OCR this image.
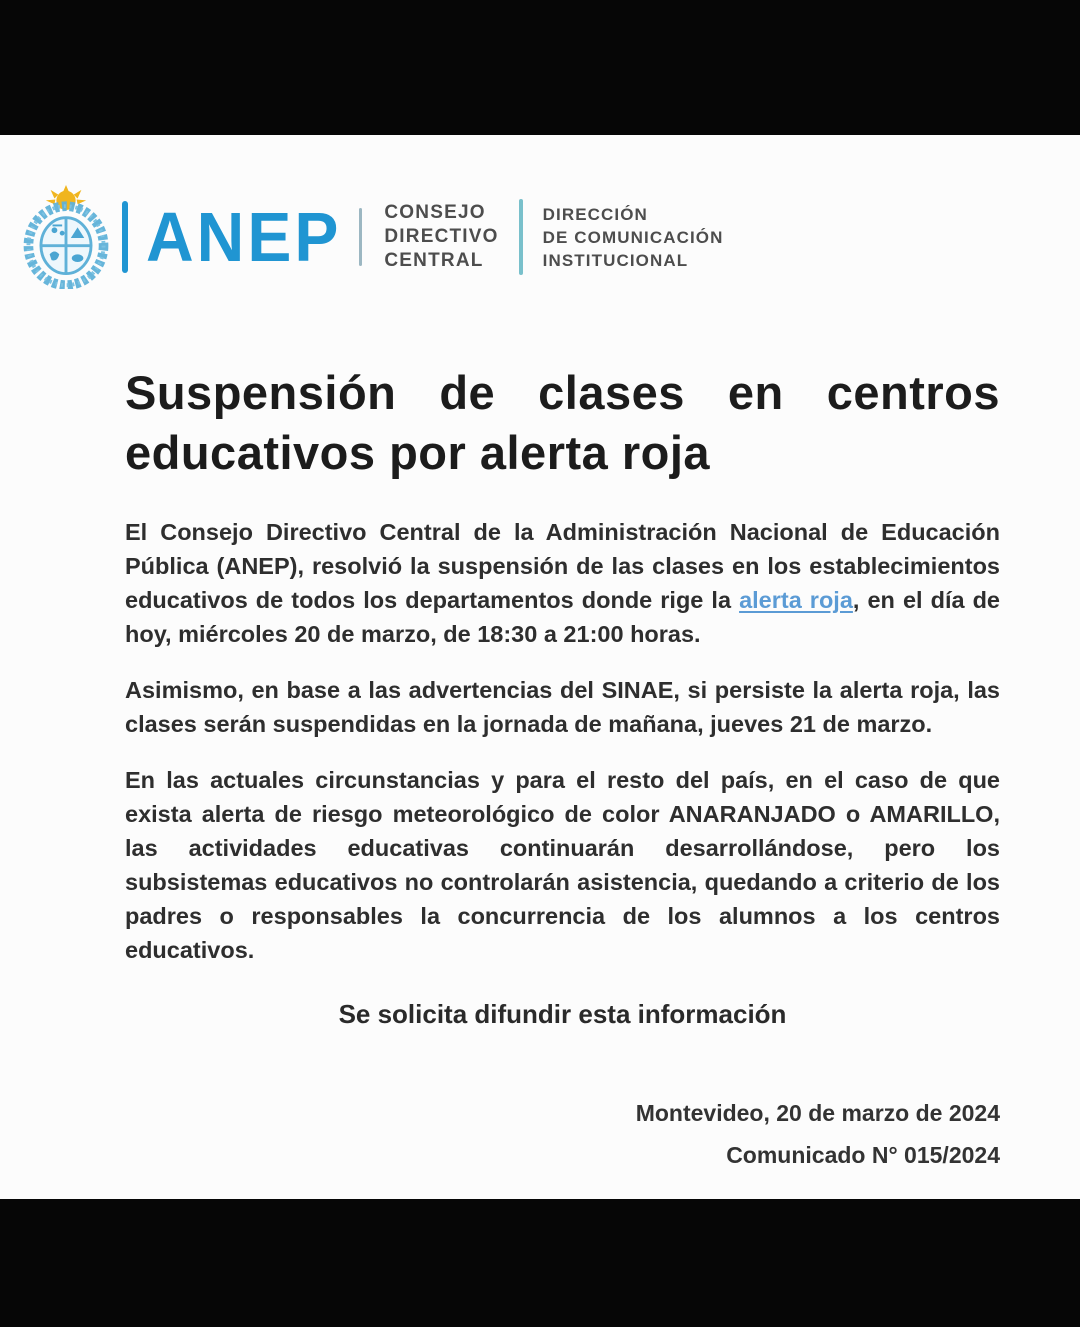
ANEP CONSEJO
DIRECTIVO
CENTRAL
DIRECCIÓN
DE COMUNICACIÓN
INSTITUCIONAL
Suspensión de clases en centros
educativos por alerta roja

El Consejo Directivo Central de la Administración Nacional de Educación Pública (ANEP), resolvió la suspensión de las clases en los establecimientos educativos de todos los departamentos donde rige la alerta roja, en el día de hoy, miércoles 20 de marzo, de 18:30 a 21:00 horas.

Asimismo, en base a las advertencias del SINAE, si persiste la alerta roja, las clases serán suspendidas en la jornada de mañana, jueves 21 de marzo.

En las actuales circunstancias y para el resto del país, en el caso de que exista alerta de riesgo meteorológico de color ANARANJADO o AMARILLO, las actividades educativas continuarán desarrollándose, pero los subsistemas educativos no controlarán asistencia, quedando a criterio de los padres o responsables la concurrencia de los alumnos a los centros educativos.

Se solicita difundir esta información
Montevideo, 20 de marzo de 2024
Comunicado N° 015/2024
